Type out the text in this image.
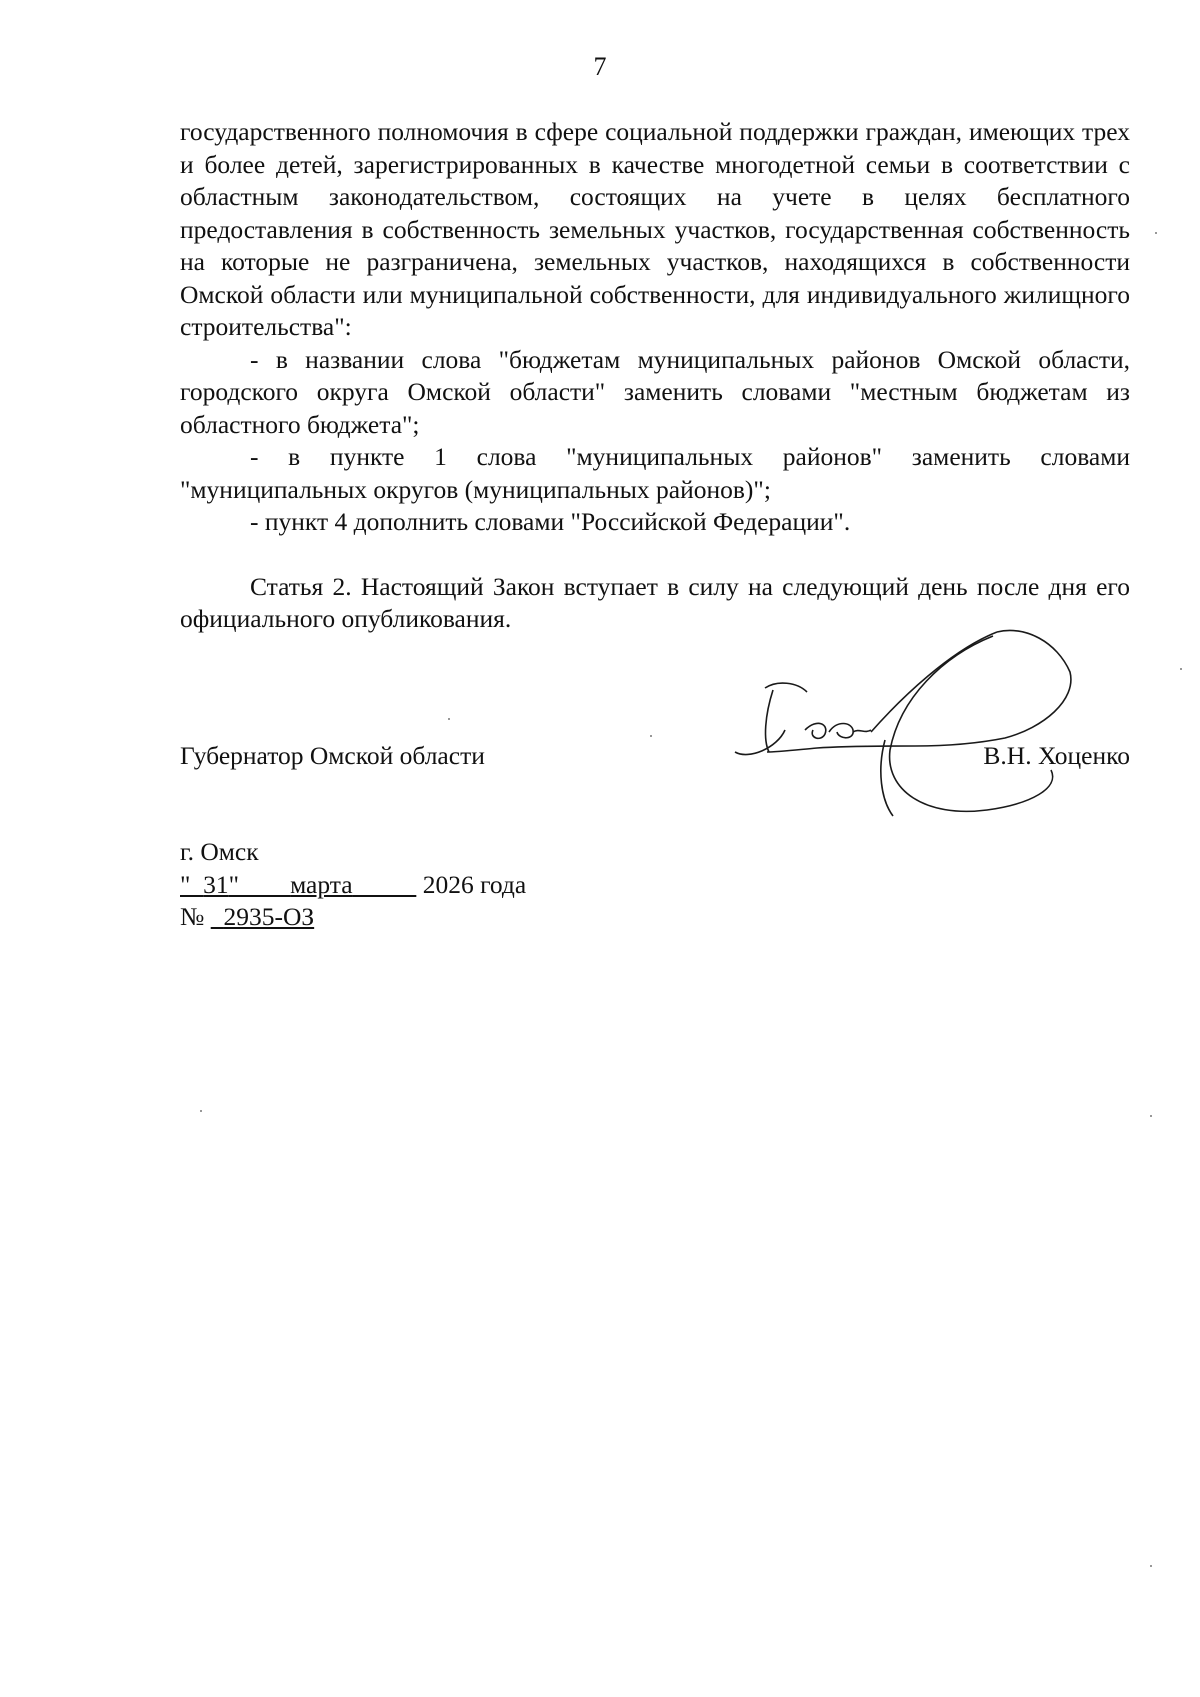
7

государственного полномочия в сфере социальной поддержки граждан, имеющих трех и более детей, зарегистрированных в качестве многодетной семьи в соответствии с областным законодательством, состоящих на учете в целях бесплатного предоставления в собственность земельных участков, государственная собственность на которые не разграничена, земельных участков, находящихся в собственности Омской области или муниципальной собственности, для индивидуального жилищного строительства":

- в названии слова "бюджетам муниципальных районов Омской области, городского округа Омской области" заменить словами "местным бюджетам из областного бюджета";

- в пункте 1 слова "муниципальных районов" заменить словами "муниципальных округов (муниципальных районов)";

- пункт 4 дополнить словами "Российской Федерации".

Статья 2. Настоящий Закон вступает в силу на следующий день после дня его официального опубликования.

Губернатор Омской области	В.Н. Хоценко
г. Омск
"  31"        марта	2026 года
№ 2935-ОЗ
